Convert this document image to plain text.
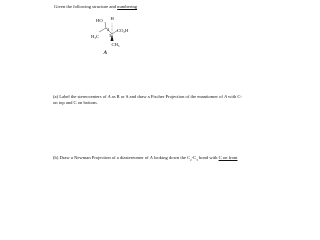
Given the following structure and numbering
HO H
H₃C
CO₂H
CH₃
2
3
A
(a) Label the stereocenters of A as R or S and draw a Fischer Projection of the enantiomer of A with C-
on top and C on bottom.
(b) Draw a Newman Projection of a diastereomer of A looking down the $C_2-C_3$ bond with C on front
